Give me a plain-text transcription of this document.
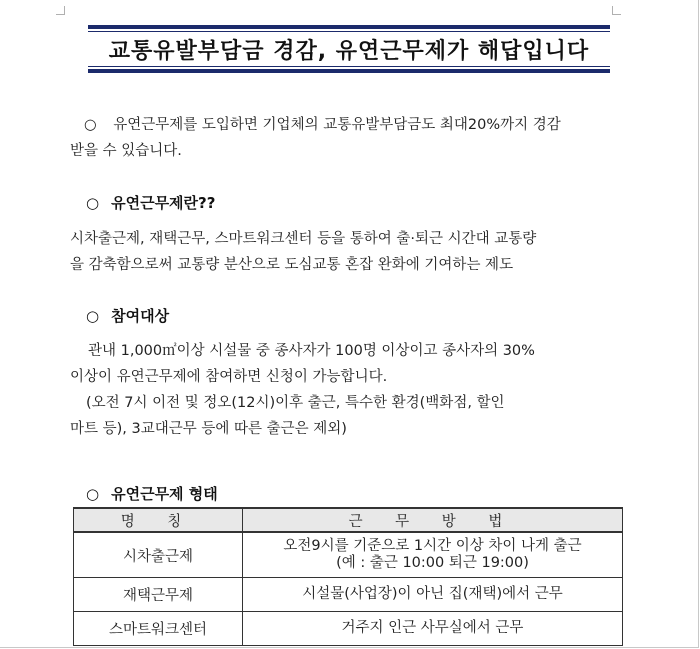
교통유발부담금 경감, 유연근무제가 해답입니다
○ 유연근무제를 도입하면 기업체의 교통유발부담금도 최대20%까지 경감
받을 수 있습니다.
○ 유연근무제란??
시차출근제, 재택근무, 스마트워크센터 등을 통하여 출·퇴근 시간대 교통량
을 감축함으로써 교통량 분산으로 도심교통 혼잡 완화에 기여하는 제도
○ 참여대상
관내 1,000㎡이상 시설물 중 종사자가 100명 이상이고 종사자의 30%
이상이 유연근무제에 참여하면 신청이 가능합니다.
(오전 7시 이전 및 정오(12시)이후 출근, 특수한 환경(백화점, 할인
마트 등), 3교대근무 등에 따른 출근은 제외)
○ 유연근무제 형태
명 칭	근 무 방 법
시차출근제	오전9시를 기준으로 1시간 이상 차이 나게 출근
(예 : 출근 10:00 퇴근 19:00)
재택근무제	시설물(사업장)이 아닌 집(재택)에서 근무
스마트워크센터	거주지 인근 사무실에서 근무
